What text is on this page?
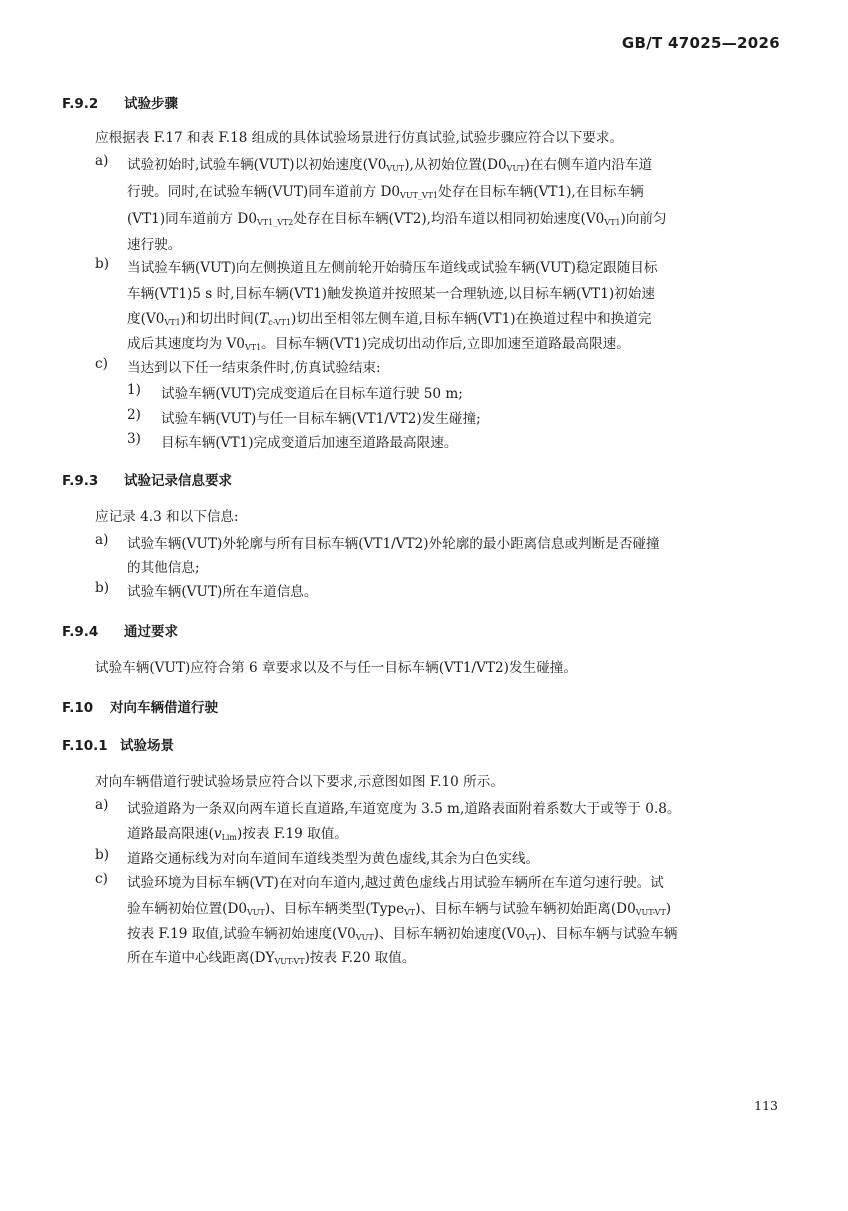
GB/T 47025—2026
F.9.2 试验步骤
应根据表 F.17 和表 F.18 组成的具体试验场景进行仿真试验,试验步骤应符合以下要求。
a) 试验初始时,试验车辆(VUT)以初始速度$(V0_{VUT})$,从初始位置$(D0_{VUT})$在右侧车道内沿车道
行驶。同时,在试验车辆(VUT)同车道前方 $D0_{VUT\_VT1}$处存在目标车辆(VT1),在目标车辆
(VT1)同车道前方 $D0_{VT1\_VT2}$处存在目标车辆(VT2),均沿车道以相同初始速度$(V0_{VT1})$向前匀
速行驶。
b) 当试验车辆(VUT)向左侧换道且左侧前轮开始骑压车道线或试验车辆(VUT)稳定跟随目标
车辆(VT1)5 s 时,目标车辆(VT1)触发换道并按照某一合理轨迹,以目标车辆(VT1)初始速
度$(V0_{VT1})$和切出时间$(T_{c-VT1})$切出至相邻左侧车道,目标车辆(VT1)在换道过程中和换道完
成后其速度均为 $V0_{VT1}$。目标车辆(VT1)完成切出动作后,立即加速至道路最高限速。
c) 当达到以下任一结束条件时,仿真试验结束:
1) 试验车辆(VUT)完成变道后在目标车道行驶 50 m;
2) 试验车辆(VUT)与任一目标车辆(VT1/VT2)发生碰撞;
3) 目标车辆(VT1)完成变道后加速至道路最高限速。
F.9.3 试验记录信息要求
应记录 4.3 和以下信息:
a) 试验车辆(VUT)外轮廓与所有目标车辆(VT1/VT2)外轮廓的最小距离信息或判断是否碰撞
的其他信息;
b) 试验车辆(VUT)所在车道信息。
F.9.4 通过要求
试验车辆(VUT)应符合第 6 章要求以及不与任一目标车辆(VT1/VT2)发生碰撞。
F.10 对向车辆借道行驶
F.10.1 试验场景
对向车辆借道行驶试验场景应符合以下要求,示意图如图 F.10 所示。
a) 试验道路为一条双向两车道长直道路,车道宽度为 3.5 m,道路表面附着系数大于或等于 0.8。
道路最高限速$(v_{Lim})$按表 F.19 取值。
b) 道路交通标线为对向车道间车道线类型为黄色虚线,其余为白色实线。
c) 试验环境为目标车辆(VT)在对向车道内,越过黄色虚线占用试验车辆所在车道匀速行驶。试
验车辆初始位置$(D0_{VUT})$、目标车辆类型(Type$_{VT}$)、目标车辆与试验车辆初始距离$(D0_{VUT-VT})$
按表 F.19 取值,试验车辆初始速度$(V0_{VUT})$、目标车辆初始速度$(V0_{VT})$、目标车辆与试验车辆
所在车道中心线距离$(DY_{VUT-VT})$按表 F.20 取值。
113
